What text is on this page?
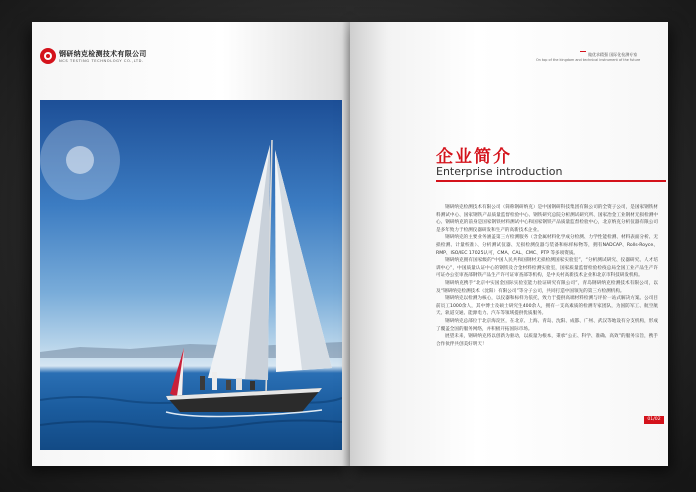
钢研纳克检测技术有限公司
NCS TESTING TECHNOLOGY CO.,LTD.
做优求精强 国际化检测专家
On top of the kingdom and technical instrument of the future
企业简介
Enterprise introduction

钢研纳克检测技术有限公司（简称钢研纳克）是中国钢研科技集团有限公司的全资子公司，是国家钢铁材料测试中心、国家钢铁产品质量监督检验中心、钢铁研究总院分析测试研究所、国家冶金工业钢材无损检测中心、钢研纳克的前身是国家钢铁材料测试中心和国家钢铁产品质量监督检验中心，北京纳克分析仪器有限公司是多年致力于检测仪器研发和生产的高新技术企业。

钢研纳克的主要业务涵盖第三方检测服务（含金属材料化学成分检测、力学性能检测、材料表面分析、无损检测、计量校准）、分析测试仪器、无损检测仪器与装备和标样标物等，拥有NADCAP、Rolls-Royce、RMP、ISO/IEC 17025认可，CMA、CAL、CMC、PTP 等多项资质。

钢研纳克拥有国家级的“中国人民共和国钢材无损检测国家实验室”，“分析测试研究、仪器研究、人才培训中心”，中国质量认证中心的钢铁及合金材料检测实验室，国家质量监督检验检疫总局全国工业产品生产许可证办公室审查部钢铁产品生产许可证审查部等机构，是中关村高新技术企业和北京市科技研发机构。

钢研纳克携手“北京中实国金国际实验室能力验证研究有限公司”，青岛钢研纳克检测技术有限公司，以及“钢研纳克检测技术（沈阳）有限公司”等分子公司，共同打造中国领先的第三方检测机构。

钢研纳克以检测为核心，以仪器和标样为依托，致力于提供高端材料检测与评价一站式解决方案。公司目前员工1000余人，其中博士及硕士研究生400余人，拥有一支高素质的检测专家团队，为国防军工、航空航天、轨道交通、能源电力、汽车等领域提供优质服务。

钢研纳克总部位于北京海淀区，在北京、上海、青岛、沈阳、成都、广州、武汉等地设有分支机构，形成了覆盖全国的服务网络，并积极开拓国际市场。

展望未来，钢研纳克将以创新为驱动，以质量为根本，秉承“公正、科学、准确、高效”的服务宗旨，携手合作伙伴共创美好明天！

01/02
